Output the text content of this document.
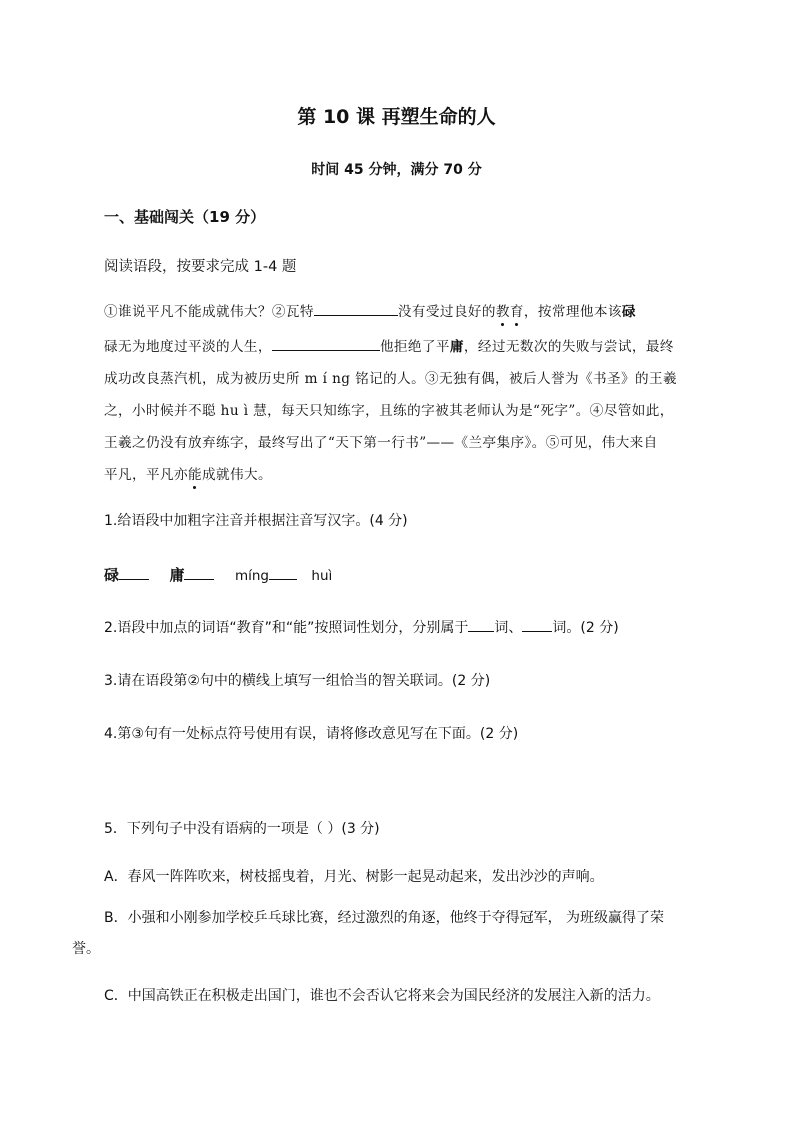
第 10 课 再塑生命的人
时间 45 分钟，满分 70 分
一、基础闯关（19 分）
阅读语段，按要求完成 1-4 题
①谁说平凡不能成就伟大？②瓦特	没有受过良好的教育，按常理他本该碌
碌无为地度过平淡的人生，	他拒绝了平庸，经过无数次的失败与尝试，最终
成功改良蒸汽机，成为被历史所 m í ng 铭记的人。③无独有偶，被后人誉为《书圣》的王羲
之，小时候并不聪 hu ì 慧，每天只知练字，且练的字被其老师认为是“死字”。④尽管如此，
王羲之仍没有放弃练字，最终写出了“天下第一行书”——《兰亭集序》。⑤可见，伟大来自
平凡，平凡亦能成就伟大。
1.给语段中加粗字注音并根据注音写汉字。(4 分)
碌	庸	míng	huì
2.语段中加点的词语“教育”和“能”按照词性划分，分别属于 词、 词。(2 分)
3.请在语段第②句中的横线上填写一组恰当的智关联词。(2 分)
4.第③句有一处标点符号使用有误，请将修改意见写在下面。(2 分)
5．下列句子中没有语病的一项是（ ）(3 分)
A．春风一阵阵吹来，树枝摇曳着，月光、树影一起晃动起来，发出沙沙的声响。
B．小强和小刚参加学校乒乓球比赛，经过激烈的角逐，他终于夺得冠军， 为班级赢得了荣
誉。
C．中国高铁正在积极走出国门，谁也不会否认它将来会为国民经济的发展注入新的活力。
